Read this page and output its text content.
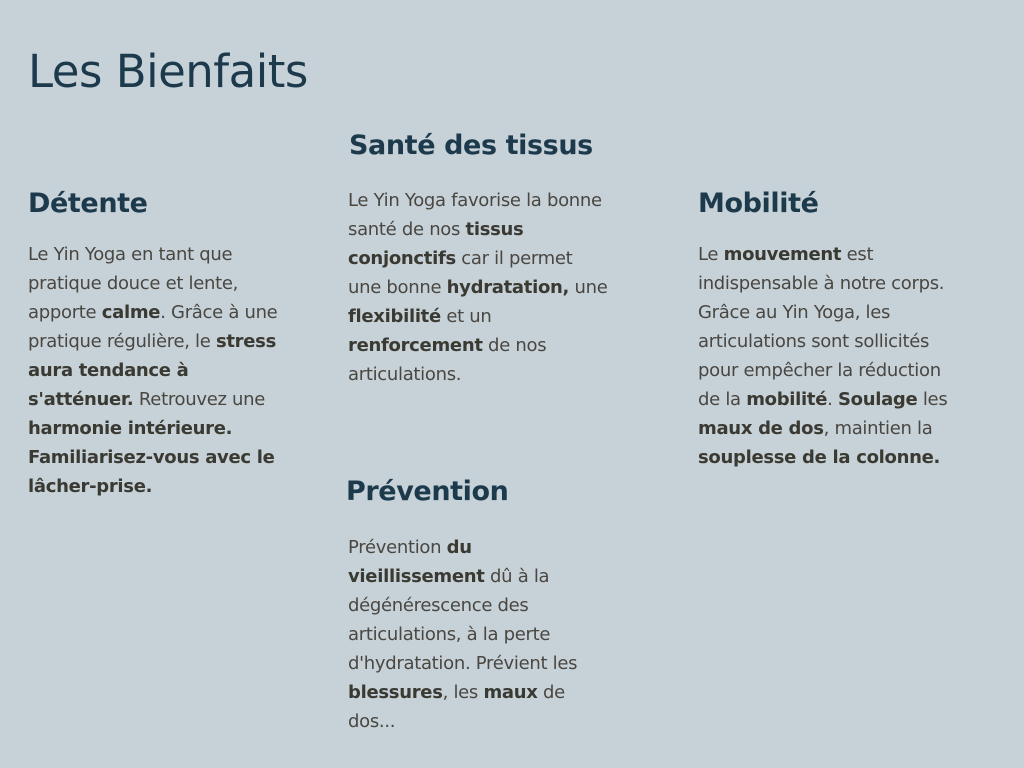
Les Bienfaits
Détente

Le Yin Yoga en tant que pratique douce et lente, apporte calme. Grâce à une pratique régulière, le stress aura tendance à s'atténuer. Retrouvez une harmonie intérieure. Familiarisez-vous avec le lâcher-prise.

Santé des tissus

Le Yin Yoga favorise la bonne santé de nos tissus conjonctifs car il permet une bonne hydratation, une flexibilité et un renforcement de nos articulations.

Prévention

Prévention du vieillissement dû à la dégénérescence des articulations, à la perte d'hydratation. Prévient les blessures, les maux de dos...

Mobilité

Le mouvement est indispensable à notre corps. Grâce au Yin Yoga, les articulations sont sollicités pour empêcher la réduction de la mobilité. Soulage les maux de dos, maintien la souplesse de la colonne.
